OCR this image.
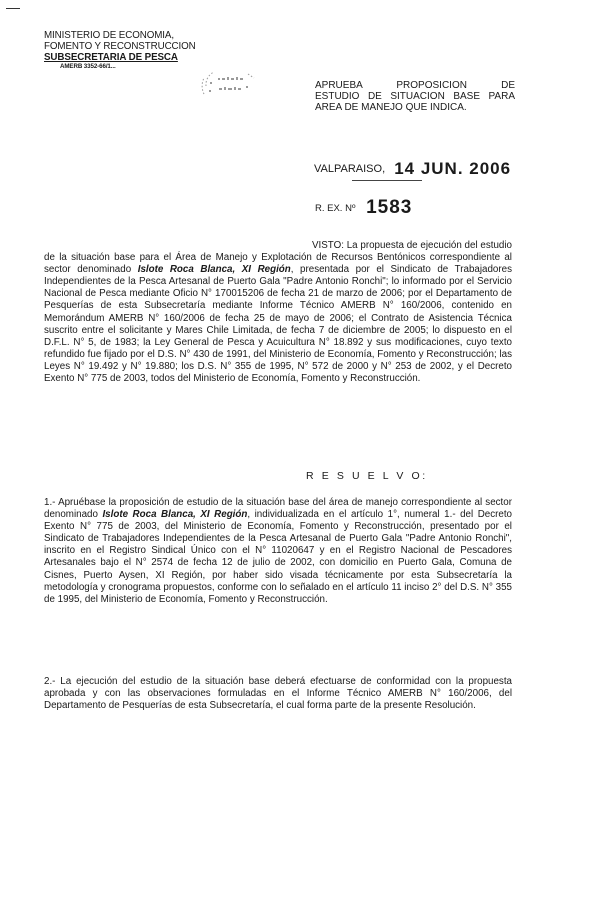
MINISTERIO DE ECONOMIA,
FOMENTO Y RECONSTRUCCION
SUBSECRETARIA DE PESCA
AMERB 3352-66/1...
APRUEBA PROPOSICION DE
ESTUDIO DE SITUACION BASE PARA
AREA DE MANEJO QUE INDICA.
VALPARAISO, 14 JUN. 2006
R. EX. Nº 1583
VISTO: La propuesta de ejecución del estudio de la situación base para el Área de Manejo y Explotación de Recursos Bentónicos correspondiente al sector denominado Islote Roca Blanca, XI Región, presentada por el Sindicato de Trabajadores Independientes de la Pesca Artesanal de Puerto Gala "Padre Antonio Ronchi"; lo informado por el Servicio Nacional de Pesca mediante Oficio N° 170015206 de fecha 21 de marzo de 2006; por el Departamento de Pesquerías de esta Subsecretaría mediante Informe Técnico AMERB N° 160/2006, contenido en Memorándum AMERB N° 160/2006 de fecha 25 de mayo de 2006; el Contrato de Asistencia Técnica suscrito entre el solicitante y Mares Chile Limitada, de fecha 7 de diciembre de 2005; lo dispuesto en el D.F.L. N° 5, de 1983; la Ley General de Pesca y Acuicultura N° 18.892 y sus modificaciones, cuyo texto refundido fue fijado por el D.S. N° 430 de 1991, del Ministerio de Economía, Fomento y Reconstrucción; las Leyes N° 19.492 y N° 19.880; los D.S. N° 355 de 1995, N° 572 de 2000 y N° 253 de 2002, y el Decreto Exento N° 775 de 2003, todos del Ministerio de Economía, Fomento y Reconstrucción.
R E S U E L V O:
1.- Apruébase la proposición de estudio de la situación base del área de manejo correspondiente al sector denominado Islote Roca Blanca, XI Región, individualizada en el artículo 1°, numeral 1.- del Decreto Exento N° 775 de 2003, del Ministerio de Economía, Fomento y Reconstrucción, presentado por el Sindicato de Trabajadores Independientes de la Pesca Artesanal de Puerto Gala "Padre Antonio Ronchi", inscrito en el Registro Sindical Único con el N° 11020647 y en el Registro Nacional de Pescadores Artesanales bajo el N° 2574 de fecha 12 de julio de 2002, con domicilio en Puerto Gala, Comuna de Cisnes, Puerto Aysen, XI Región, por haber sido visada técnicamente por esta Subsecretaría la metodología y cronograma propuestos, conforme con lo señalado en el artículo 11 inciso 2° del D.S. N° 355 de 1995, del Ministerio de Economía, Fomento y Reconstrucción.
2.- La ejecución del estudio de la situación base deberá efectuarse de conformidad con la propuesta aprobada y con las observaciones formuladas en el Informe Técnico AMERB N° 160/2006, del Departamento de Pesquerías de esta Subsecretaría, el cual forma parte de la presente Resolución.
